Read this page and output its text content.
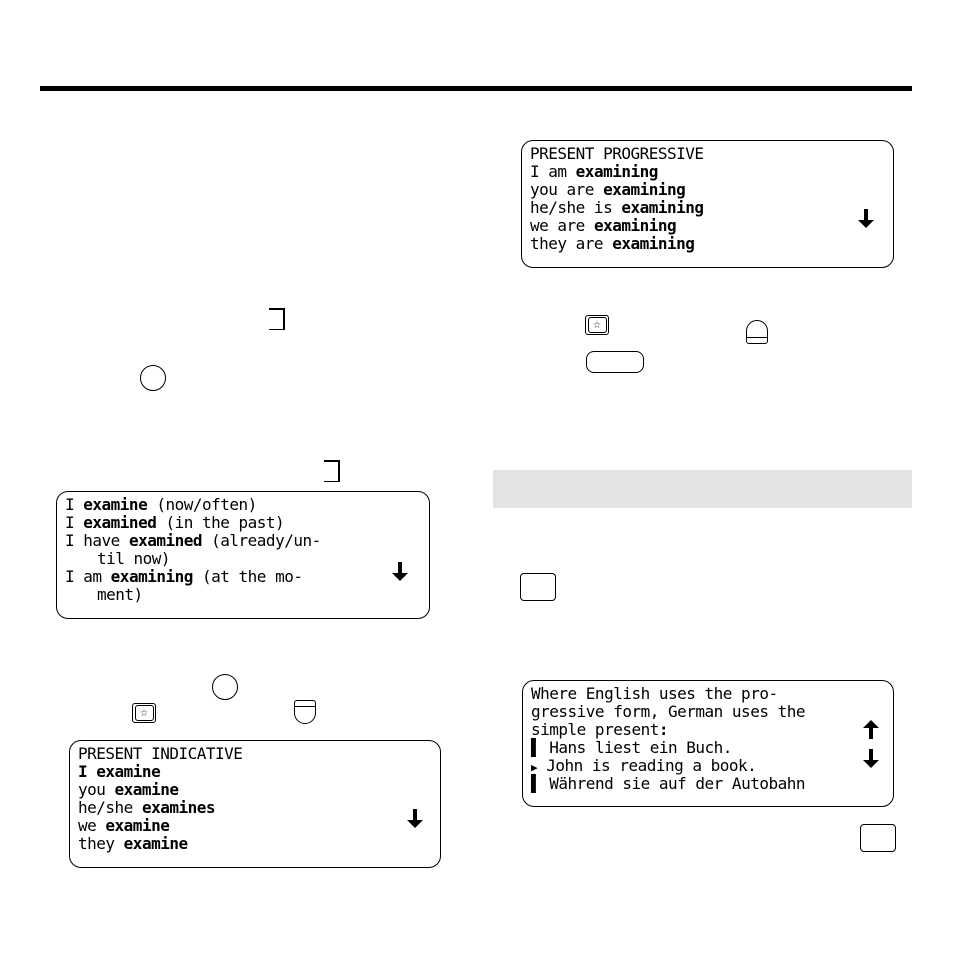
I examine (now/often)
I examined (in the past)
I have examined (already/un-
til now)
I am examining (at the mo-
ment)
☆
PRESENT INDICATIVE
I examine
you examine
he/she examines
we examine
they examine
PRESENT PROGRESSIVE
I am examining
you are examining
he/she is examining
we are examining
they are examining
☆
Where English uses the pro-
gressive form, German uses the
simple present:
▌ Hans liest ein Buch.
▶ John is reading a book.
▌ Während sie auf der Autobahn
